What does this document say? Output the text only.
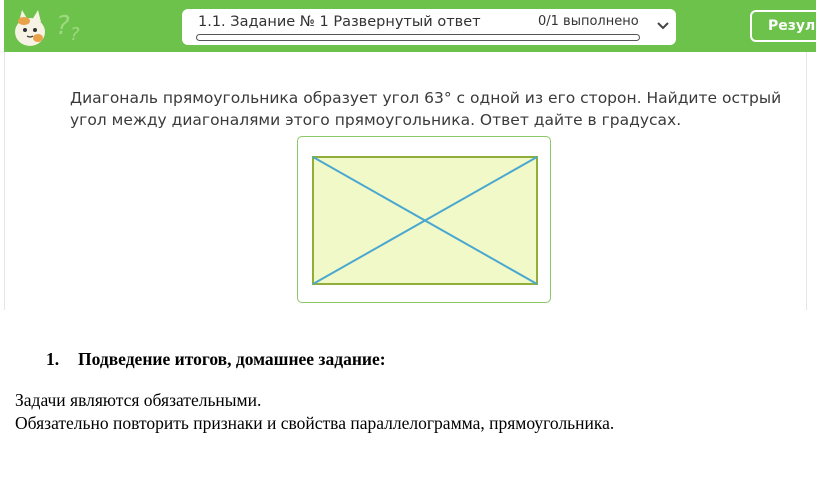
? ?
1.1. Задание № 1 Развернутый ответ	0/1 выполнено	Резуль
Диагональ прямоугольника образует угол 63° с одной из его сторон. Найдите острый угол между диагоналями этого прямоугольника. Ответ дайте в градусах.
1. Подведение итогов, домашнее задание:
Задачи являются обязательными.
Обязательно повторить признаки и свойства параллелограмма, прямоугольника.
